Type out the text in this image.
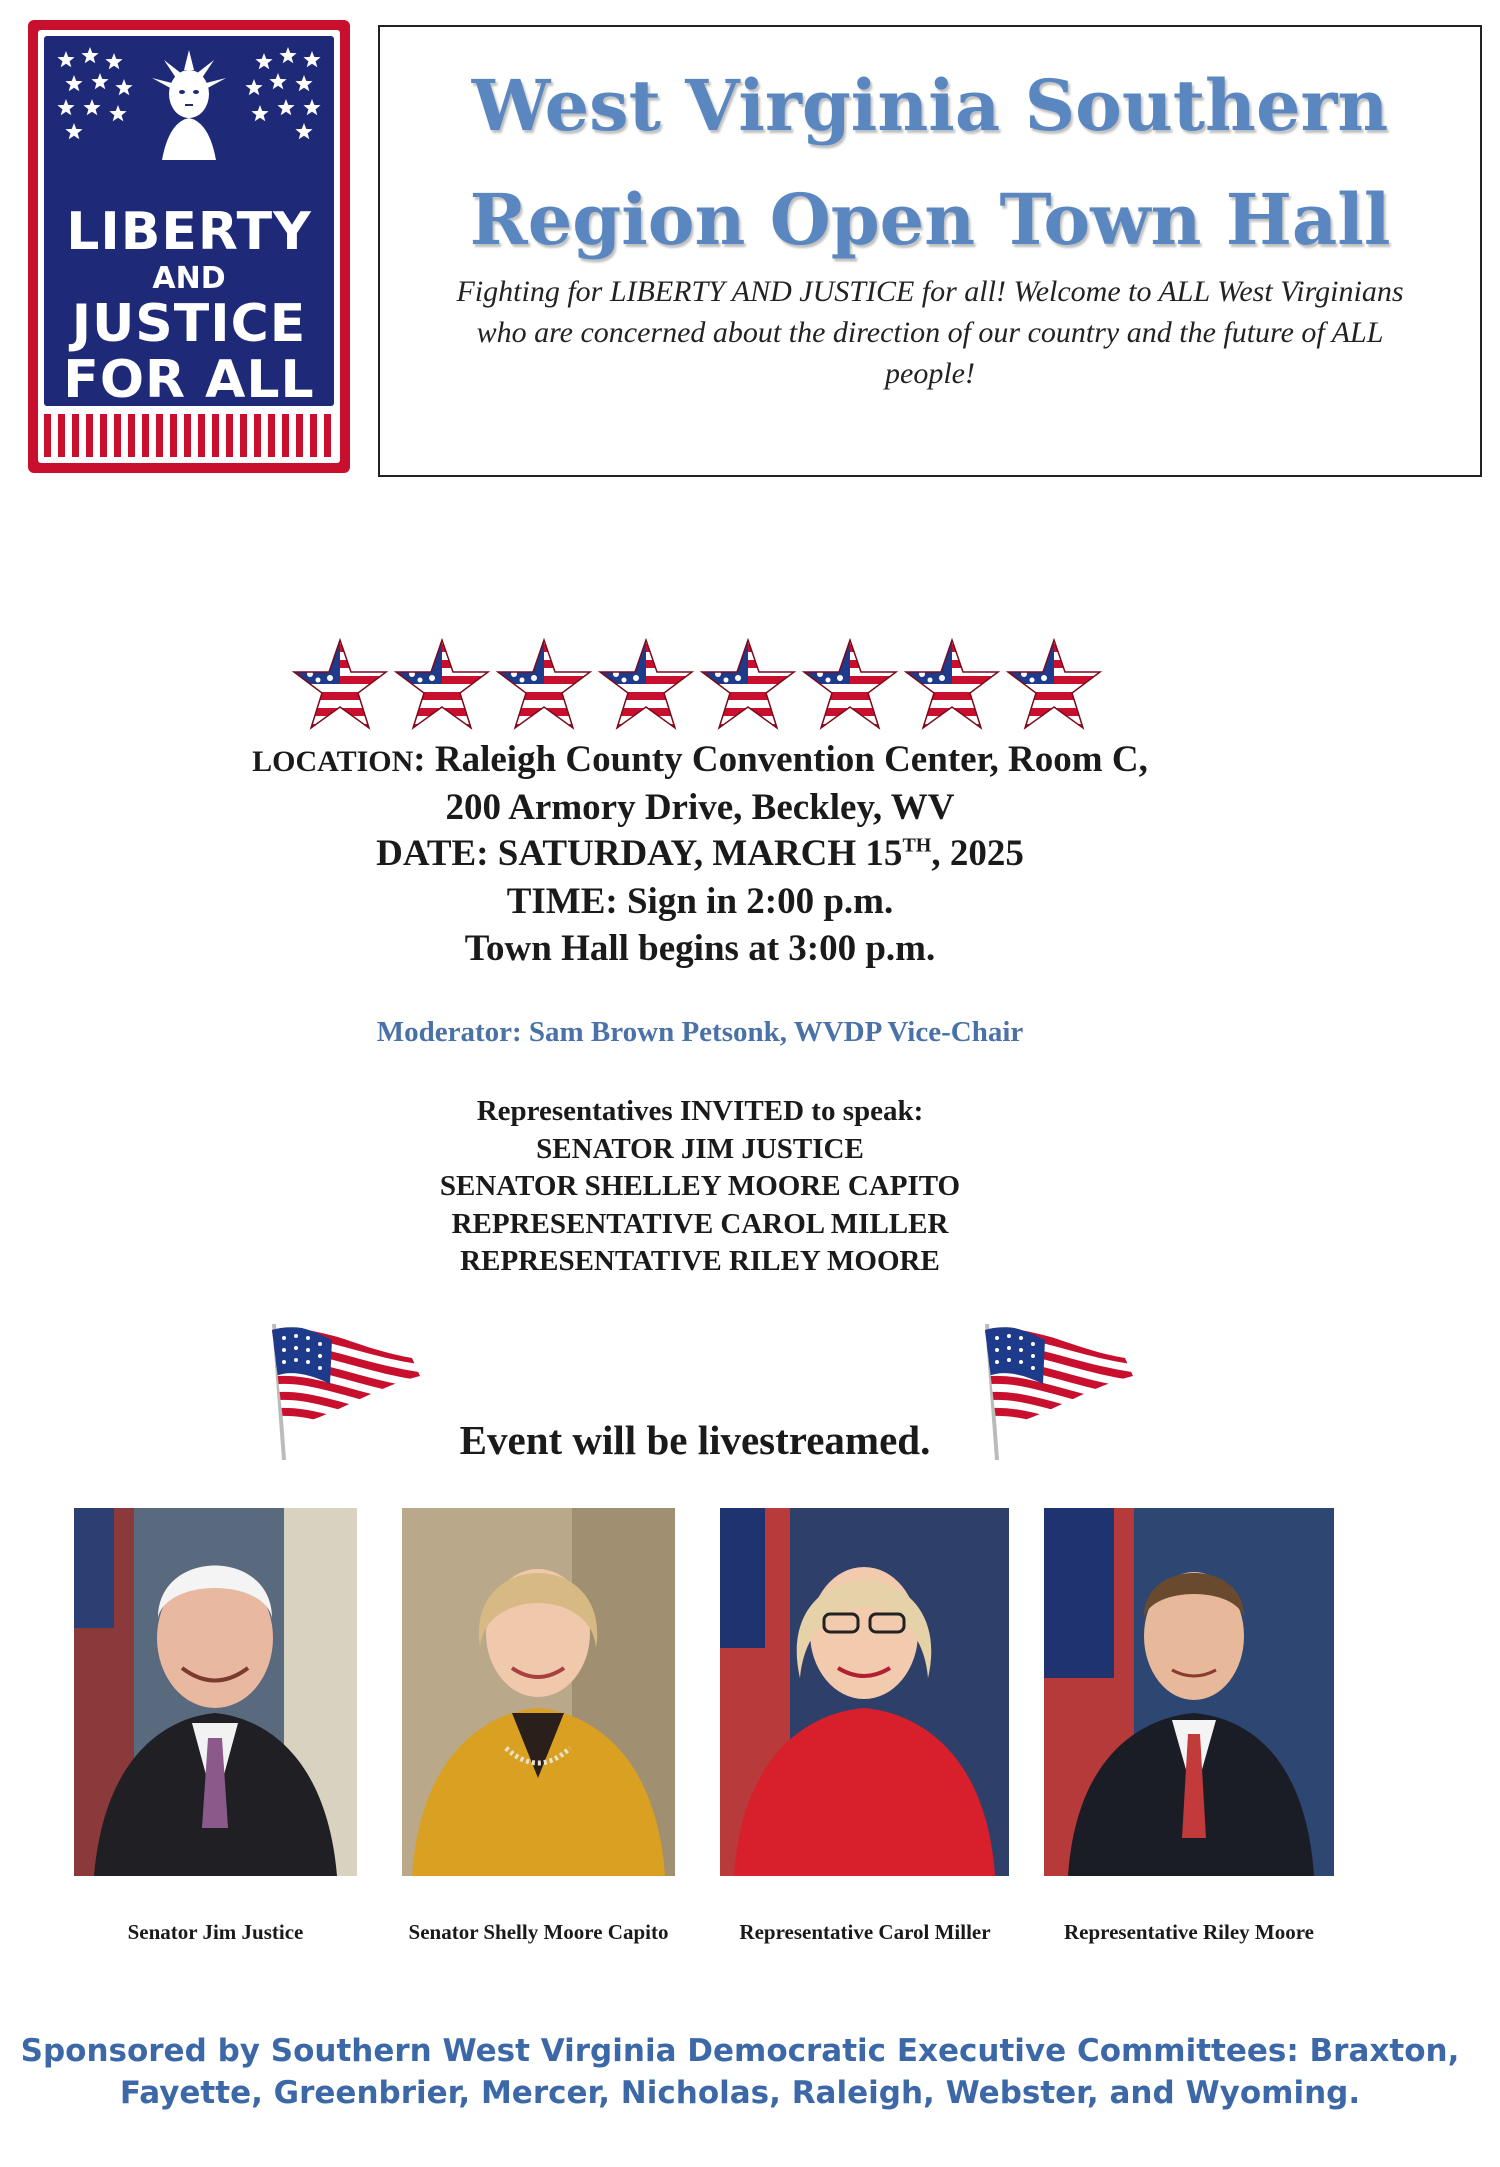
LIBERTY
AND
JUSTICE
FOR ALL
West Virginia Southern
Region Open Town Hall
Fighting for LIBERTY AND JUSTICE for all! Welcome to ALL West Virginians
who are concerned about the direction of our country and the future of ALL
people!
LOCATION: Raleigh County Convention Center, Room C,
200 Armory Drive, Beckley, WV
DATE: SATURDAY, MARCH 15TH, 2025
TIME: Sign in 2:00 p.m.
Town Hall begins at 3:00 p.m.
Moderator: Sam Brown Petsonk, WVDP Vice-Chair
Representatives INVITED to speak:
SENATOR JIM JUSTICE
SENATOR SHELLEY MOORE CAPITO
REPRESENTATIVE CAROL MILLER
REPRESENTATIVE RILEY MOORE
Event will be livestreamed.
Senator Jim Justice	Senator Shelly Moore Capito	Representative Carol Miller	Representative Riley Moore
Sponsored by Southern West Virginia Democratic Executive Committees: Braxton,
Fayette, Greenbrier, Mercer, Nicholas, Raleigh, Webster, and Wyoming.
